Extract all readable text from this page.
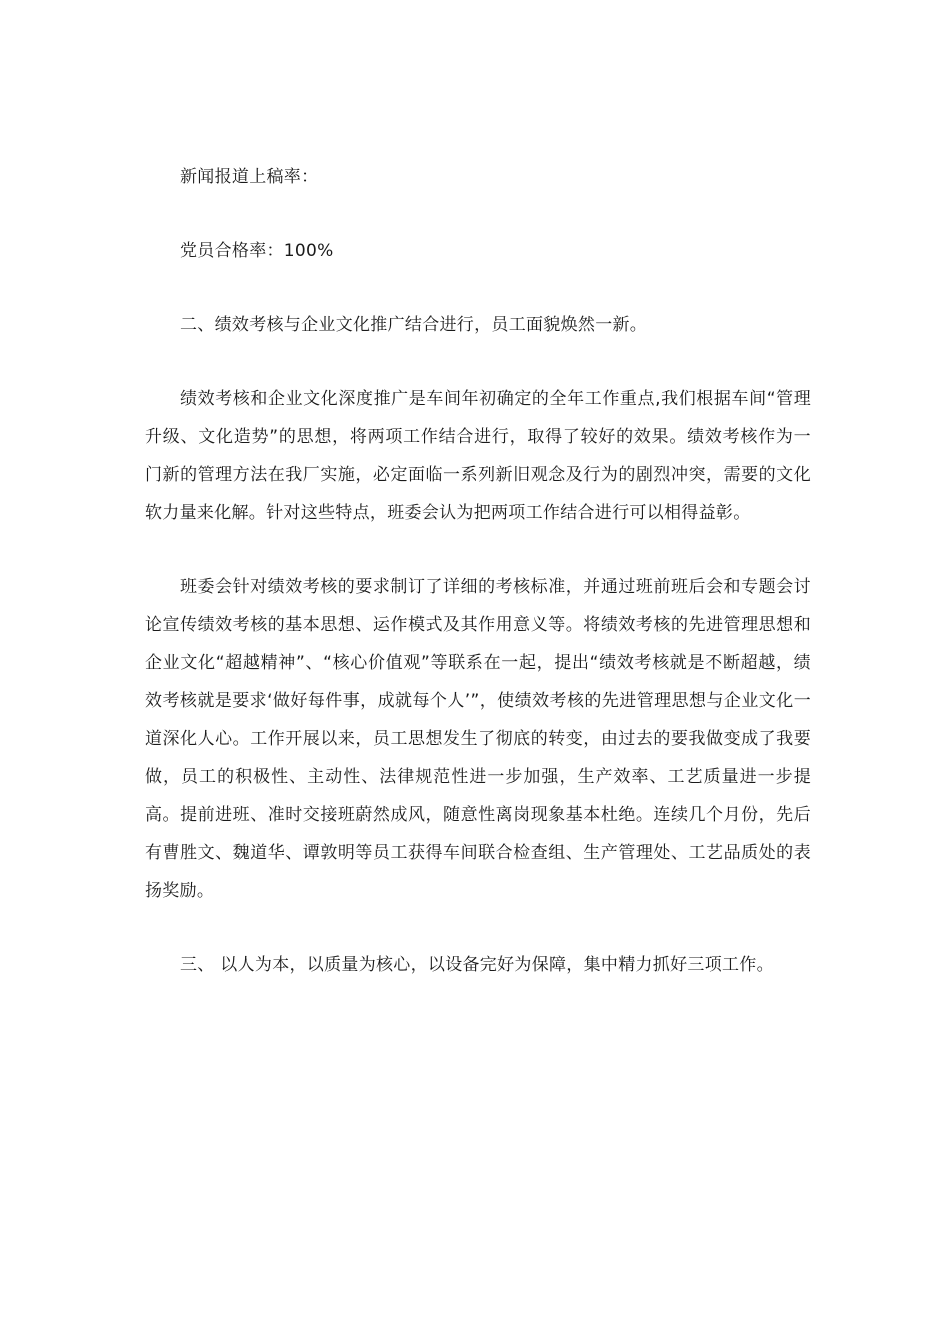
新闻报道上稿率：

党员合格率：100%

二、绩效考核与企业文化推广结合进行，员工面貌焕然一新。

绩效考核和企业文化深度推广是车间年初确定的全年工作重点,我们根据车间“管理升级、文化造势”的思想，将两项工作结合进行，取得了较好的效果。绩效考核作为一门新的管理方法在我厂实施，必定面临一系列新旧观念及行为的剧烈冲突，需要的文化软力量来化解。针对这些特点，班委会认为把两项工作结合进行可以相得益彰。

班委会针对绩效考核的要求制订了详细的考核标准，并通过班前班后会和专题会讨论宣传绩效考核的基本思想、运作模式及其作用意义等。将绩效考核的先进管理思想和企业文化“超越精神”、“核心价值观”等联系在一起，提出“绩效考核就是不断超越，绩效考核就是要求‘做好每件事，成就每个人’”，使绩效考核的先进管理思想与企业文化一道深化人心。工作开展以来，员工思想发生了彻底的转变，由过去的要我做变成了我要做，员工的积极性、主动性、法律规范性进一步加强，生产效率、工艺质量进一步提高。提前进班、准时交接班蔚然成风，随意性离岗现象基本杜绝。连续几个月份，先后有曹胜文、魏道华、谭敦明等员工获得车间联合检查组、生产管理处、工艺品质处的表扬奖励。

三、 以人为本，以质量为核心，以设备完好为保障，集中精力抓好三项工作。
